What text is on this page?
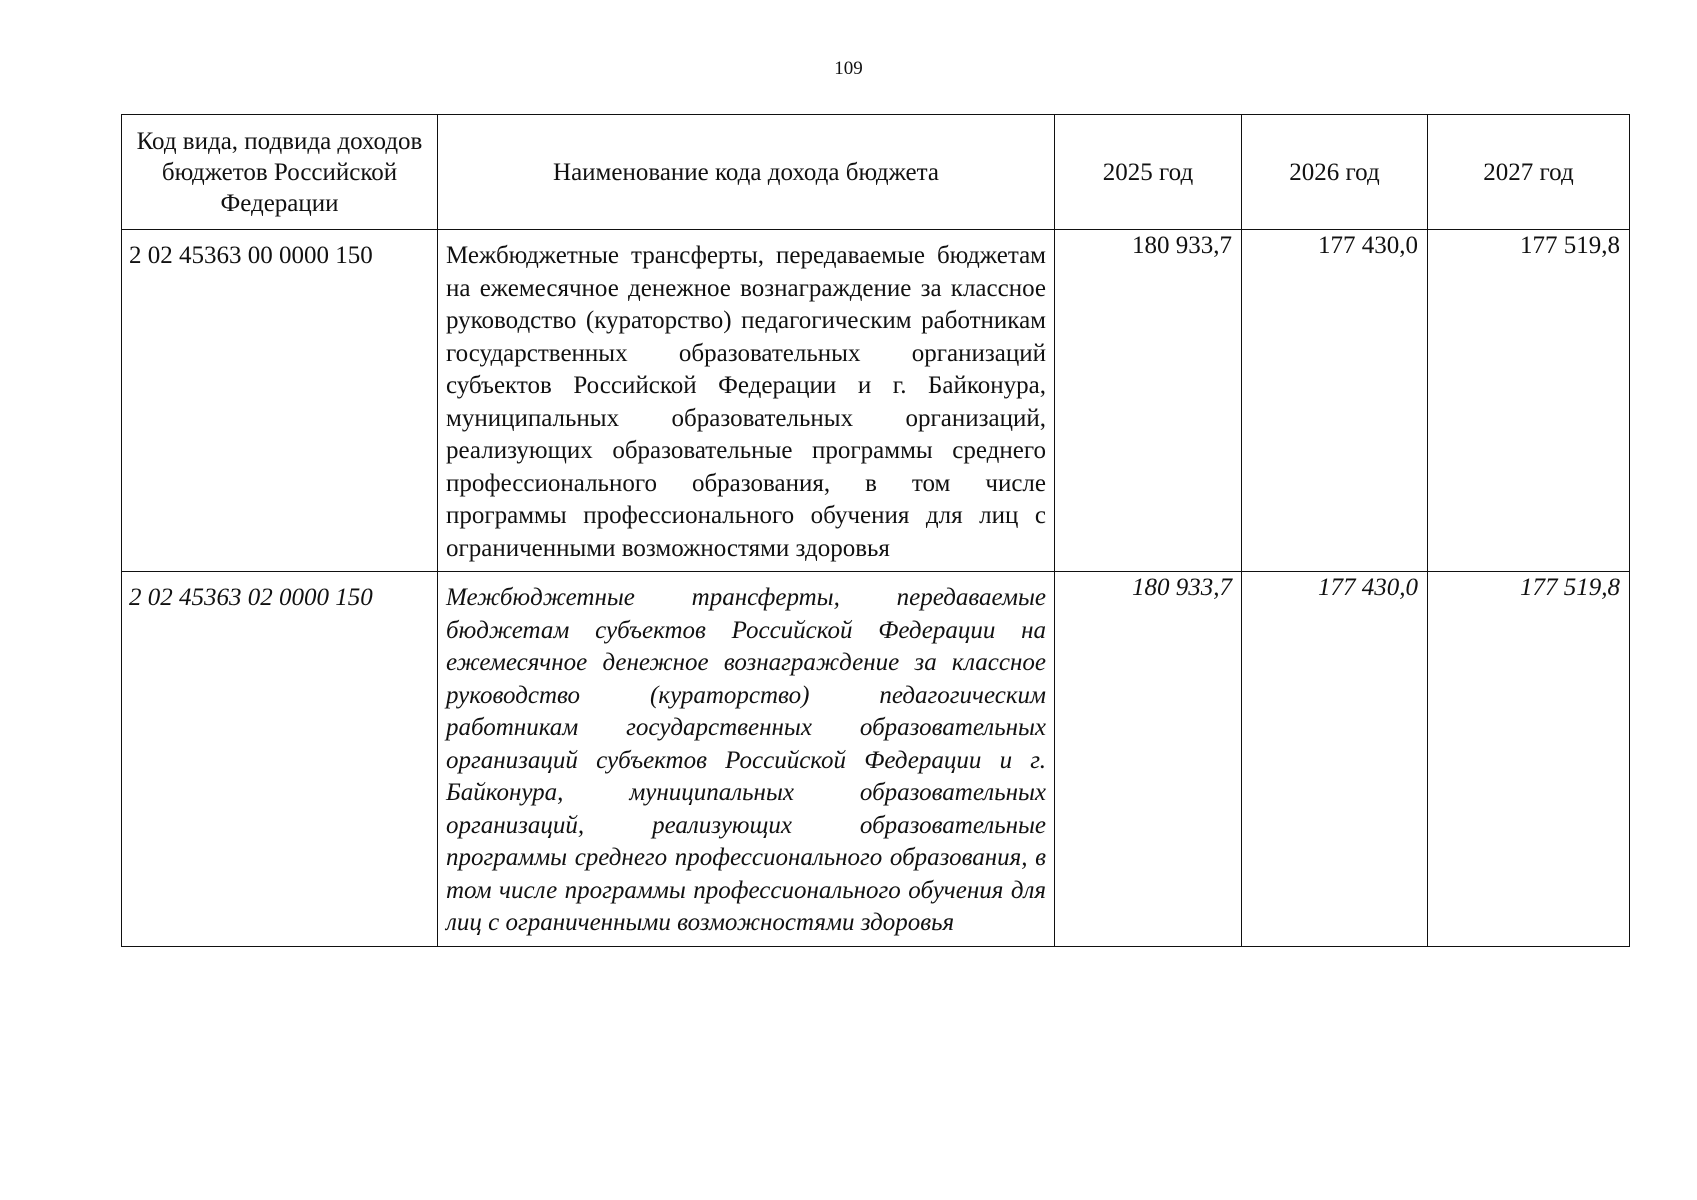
109
Код вида, подвида доходов бюджетов Российской Федерации	Наименование кода дохода бюджета	2025 год	2026 год	2027 год
2 02 45363 00 0000 150	Межбюджетные трансферты, передаваемые бюджетам на ежемесячное денежное вознаграждение за классное руководство (кураторство) педагогическим работникам государственных образовательных организаций субъектов Российской Федерации и г. Байконура, муниципальных образовательных организаций, реализующих образовательные программы среднего профессионального образования, в том числе программы профессионального обучения для лиц с ограниченными возможностями здоровья	180 933,7	177 430,0	177 519,8
2 02 45363 02 0000 150	Межбюджетные трансферты, передаваемые бюджетам субъектов Российской Федерации на ежемесячное денежное вознаграждение за классное руководство (кураторство) педагогическим работникам государственных образовательных организаций субъектов Российской Федерации и г. Байконура, муниципальных образовательных организаций, реализующих образовательные программы среднего профессионального образования, в том числе программы профессионального обучения для лиц с ограниченными возможностями здоровья	180 933,7	177 430,0	177 519,8
